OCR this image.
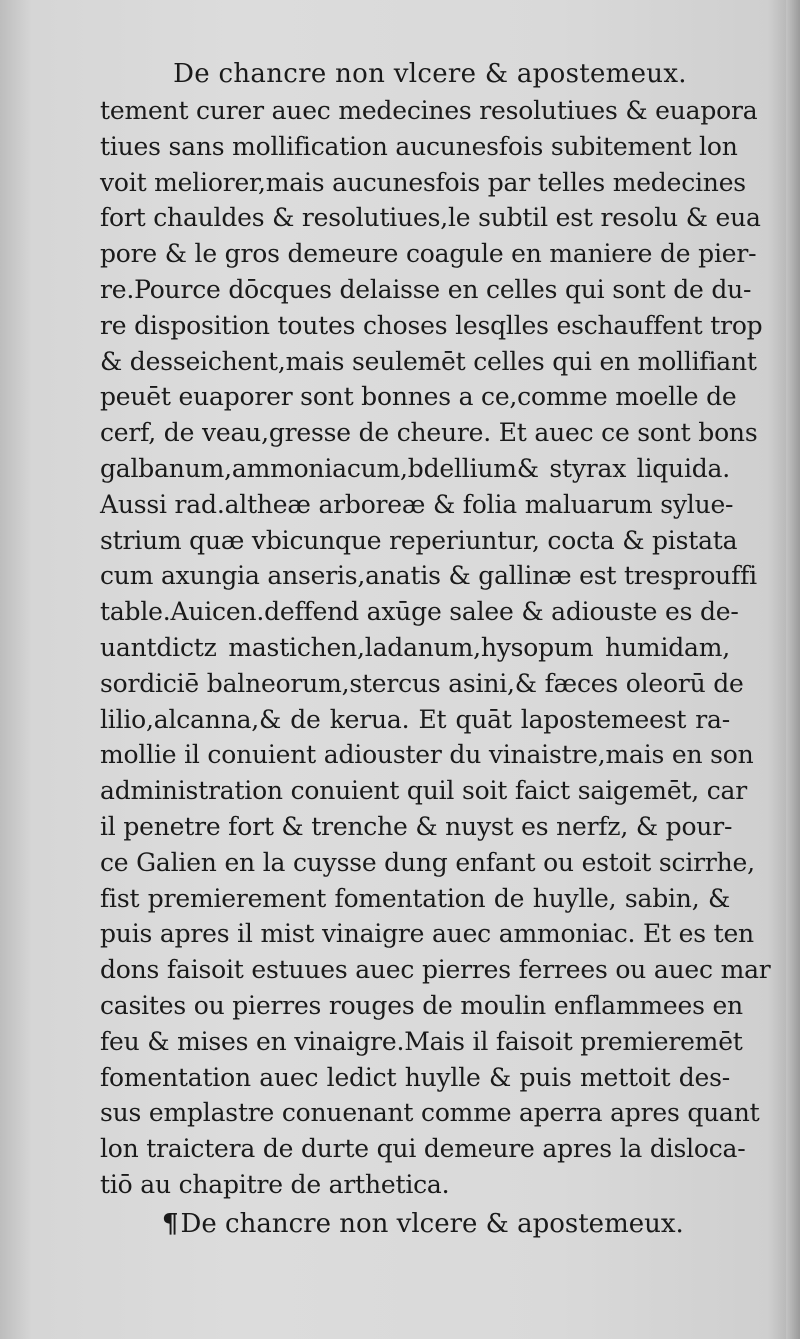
De chancre non vlcere & apostemeux.
tement curer auec medecines resolutiues & euapora
tiues sans mollification aucunesfois subitement lon
voit meliorer,mais aucunesfois par telles medecines
fort chauldes & resolutiues,le subtil est resolu & eua
pore & le gros demeure coagule en maniere de pier-
re.Pource dōcques delaisse en celles qui sont de du-
re disposition toutes choses lesqlles eschauffent trop
& desseichent,mais seulemēt celles qui en mollifiant
peuēt euaporer sont bonnes a ce,comme moelle de
cerf, de veau,gresse de cheure. Et auec ce sont bons
galbanum,ammoniacum,bdellium& styrax liquida.
Aussi rad.altheæ arboreæ & folia maluarum sylue-
strium quæ vbicunque reperiuntur, cocta & pistata
cum axungia anseris,anatis & gallinæ est tresprouffi
table.Auicen.deffend axūge salee & adiouste es de-
uantdictz mastichen,ladanum,hysopum humidam,
sordiciē balneorum,stercus asini,& fæces oleorū de
lilio,alcanna,& de kerua. Et quāt lapostemeest ra-
mollie il conuient adiouster du vinaistre,mais en son
administration conuient quil soit faict saigemēt, car
il penetre fort & trenche & nuyst es nerfz, & pour-
ce Galien en la cuysse dung enfant ou estoit scirrhe,
fist premierement fomentation de huylle, sabin, &
puis apres il mist vinaigre auec ammoniac. Et es ten
dons faisoit estuues auec pierres ferrees ou auec mar
casites ou pierres rouges de moulin enflammees en
feu & mises en vinaigre.Mais il faisoit premieremēt
fomentation auec ledict huylle & puis mettoit des-
sus emplastre conuenant comme aperra apres quant
lon traictera de durte qui demeure apres la disloca-
tiō au chapitre de arthetica.
¶De chancre non vlcere & apostemeux.
